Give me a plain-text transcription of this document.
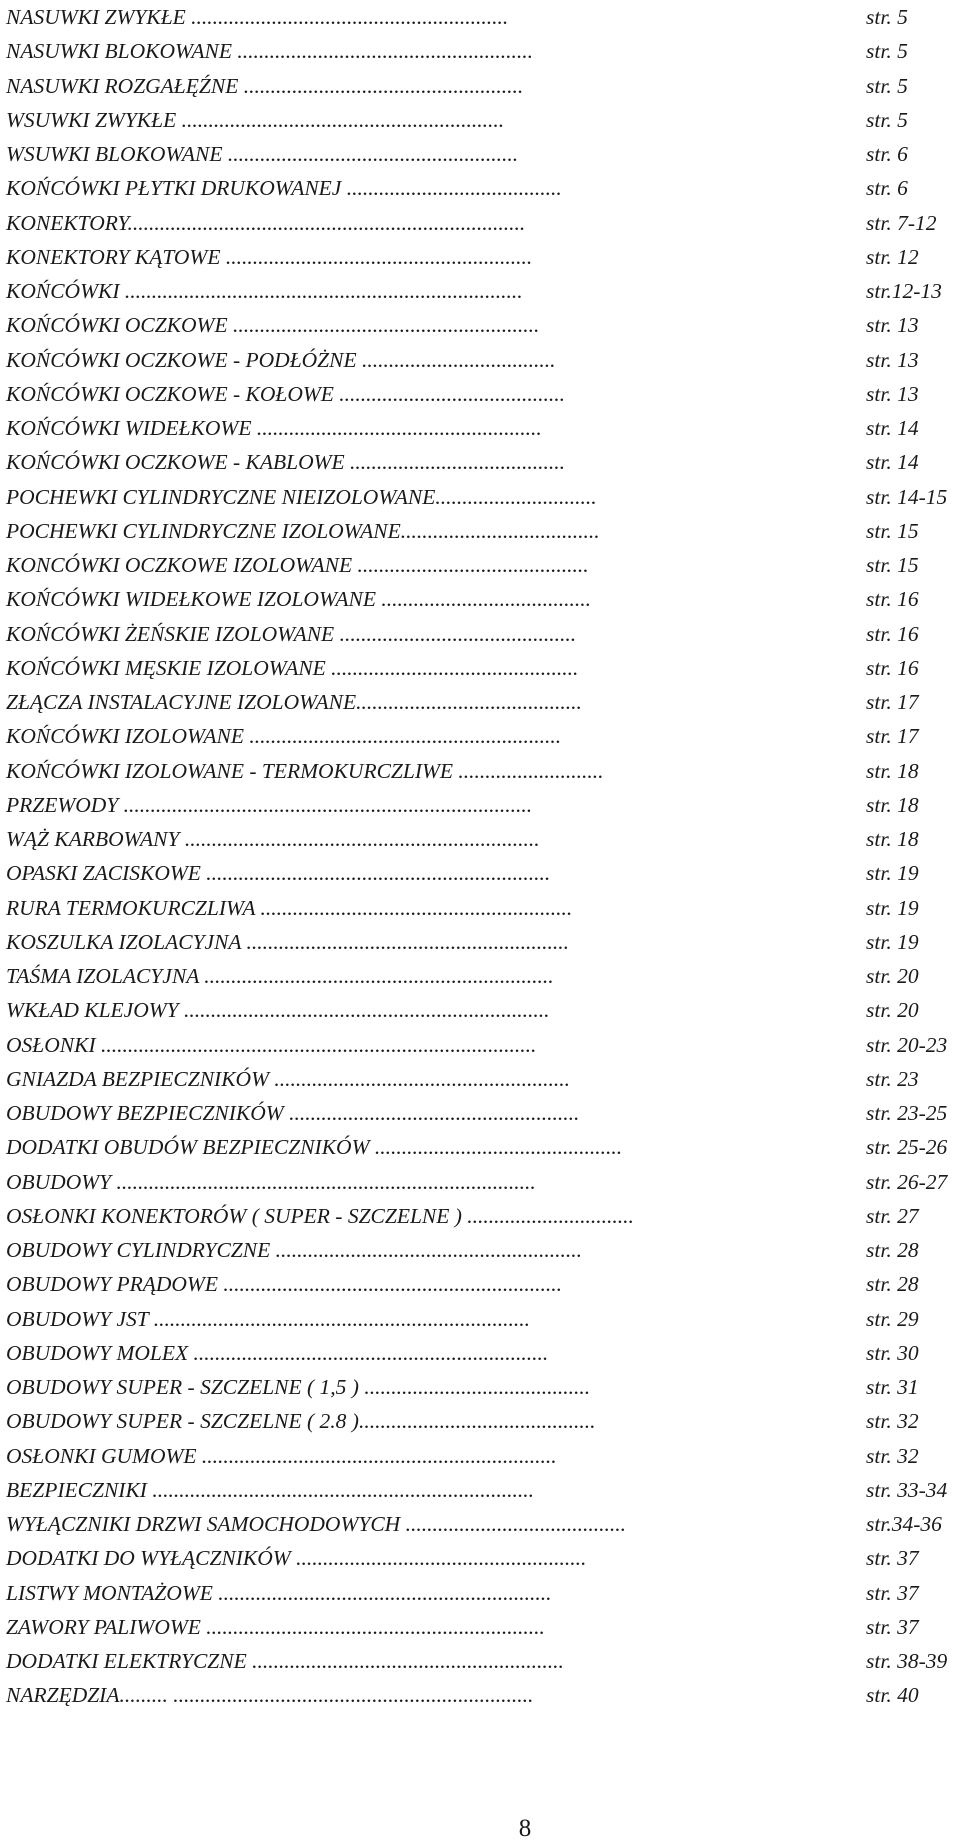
NASUWKI ZWYKŁE ...........................................................	str. 5
NASUWKI BLOKOWANE .......................................................	str. 5
NASUWKI ROZGAŁĘŹNE ....................................................	str. 5
WSUWKI ZWYKŁE ............................................................	str. 5
WSUWKI BLOKOWANE ......................................................	str. 6
KOŃCÓWKI PŁYTKI DRUKOWANEJ ........................................	str. 6
KONEKTORY..........................................................................	str. 7-12
KONEKTORY KĄTOWE .........................................................	str. 12
KOŃCÓWKI ..........................................................................	str.12-13
KOŃCÓWKI OCZKOWE .........................................................	str. 13
KOŃCÓWKI OCZKOWE - PODŁÓŻNE ....................................	str. 13
KOŃCÓWKI OCZKOWE - KOŁOWE ..........................................	str. 13
KOŃCÓWKI WIDEŁKOWE .....................................................	str. 14
KOŃCÓWKI OCZKOWE - KABLOWE ........................................	str. 14
POCHEWKI CYLINDRYCZNE NIEIZOLOWANE..............................	str. 14-15
POCHEWKI CYLINDRYCZNE IZOLOWANE.....................................	str. 15
KONCÓWKI OCZKOWE IZOLOWANE ...........................................	str. 15
KOŃCÓWKI WIDEŁKOWE IZOLOWANE .......................................	str. 16
KOŃCÓWKI ŻEŃSKIE IZOLOWANE ............................................	str. 16
KOŃCÓWKI MĘSKIE IZOLOWANE ..............................................	str. 16
ZŁĄCZA INSTALACYJNE IZOLOWANE..........................................	str. 17
KOŃCÓWKI IZOLOWANE ..........................................................	str. 17
KOŃCÓWKI IZOLOWANE - TERMOKURCZLIWE ...........................	str. 18
PRZEWODY ............................................................................	str. 18
WĄŻ KARBOWANY ..................................................................	str. 18
OPASKI ZACISKOWE ................................................................	str. 19
RURA TERMOKURCZLIWA ..........................................................	str. 19
KOSZULKA IZOLACYJNA ............................................................	str. 19
TAŚMA IZOLACYJNA .................................................................	str. 20
WKŁAD KLEJOWY ....................................................................	str. 20
OSŁONKI .................................................................................	str. 20-23
GNIAZDA BEZPIECZNIKÓW .......................................................	str. 23
OBUDOWY BEZPIECZNIKÓW ......................................................	str. 23-25
DODATKI OBUDÓW BEZPIECZNIKÓW ..............................................	str. 25-26
OBUDOWY ..............................................................................	str. 26-27
OSŁONKI KONEKTORÓW ( SUPER - SZCZELNE ) ...............................	str. 27
OBUDOWY CYLINDRYCZNE .........................................................	str. 28
OBUDOWY PRĄDOWE ...............................................................	str. 28
OBUDOWY JST ......................................................................	str. 29
OBUDOWY MOLEX ..................................................................	str. 30
OBUDOWY SUPER - SZCZELNE ( 1,5 ) ..........................................	str. 31
OBUDOWY SUPER - SZCZELNE ( 2.8 )............................................	str. 32
OSŁONKI GUMOWE ..................................................................	str. 32
BEZPIECZNIKI .......................................................................	str. 33-34
WYŁĄCZNIKI DRZWI SAMOCHODOWYCH .........................................	str.34-36
DODATKI DO WYŁĄCZNIKÓW ......................................................	str. 37
LISTWY MONTAŻOWE ..............................................................	str. 37
ZAWORY PALIWOWE ...............................................................	str. 37
DODATKI ELEKTRYCZNE ..........................................................	str. 38-39
NARZĘDZIA......... ...................................................................	str. 40
8
